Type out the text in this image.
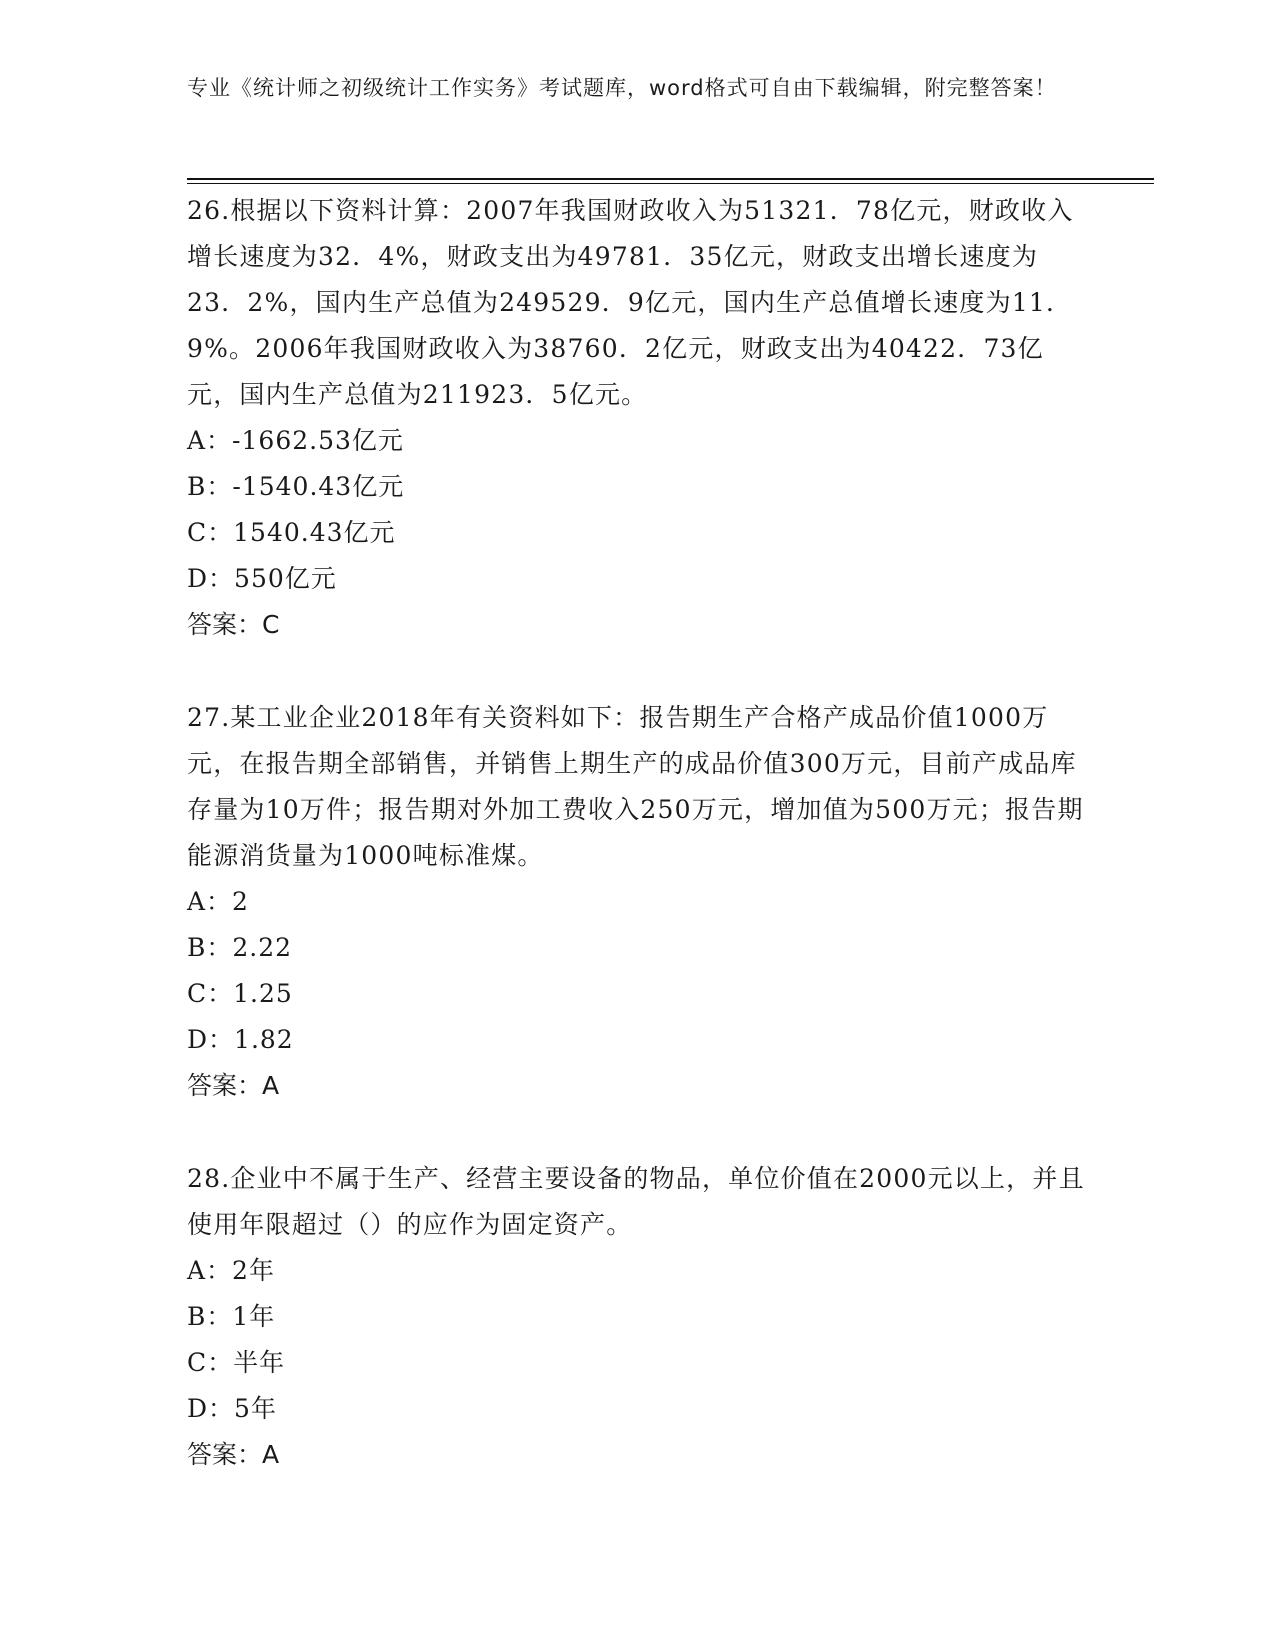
专业《统计师之初级统计工作实务》考试题库，word格式可自由下载编辑，附完整答案！

26.根据以下资料计算：2007年我国财政收入为51321．78亿元，财政收入增长速度为32．4%，财政支出为49781．35亿元，财政支出增长速度为23．2%，国内生产总值为249529．9亿元，国内生产总值增长速度为11．9%。2006年我国财政收入为38760．2亿元，财政支出为40422．73亿元，国内生产总值为211923．5亿元。

A：-1662.53亿元

B：-1540.43亿元

C：1540.43亿元

D：550亿元

答案：C

27.某工业企业2018年有关资料如下：报告期生产合格产成品价值1000万元，在报告期全部销售，并销售上期生产的成品价值300万元，目前产成品库存量为10万件；报告期对外加工费收入250万元，增加值为500万元；报告期能源消货量为1000吨标准煤。

A：2

B：2.22

C：1.25

D：1.82

答案：A

28.企业中不属于生产、经营主要设备的物品，单位价值在2000元以上，并且使用年限超过（）的应作为固定资产。

A：2年

B：1年

C：半年

D：5年

答案：A
